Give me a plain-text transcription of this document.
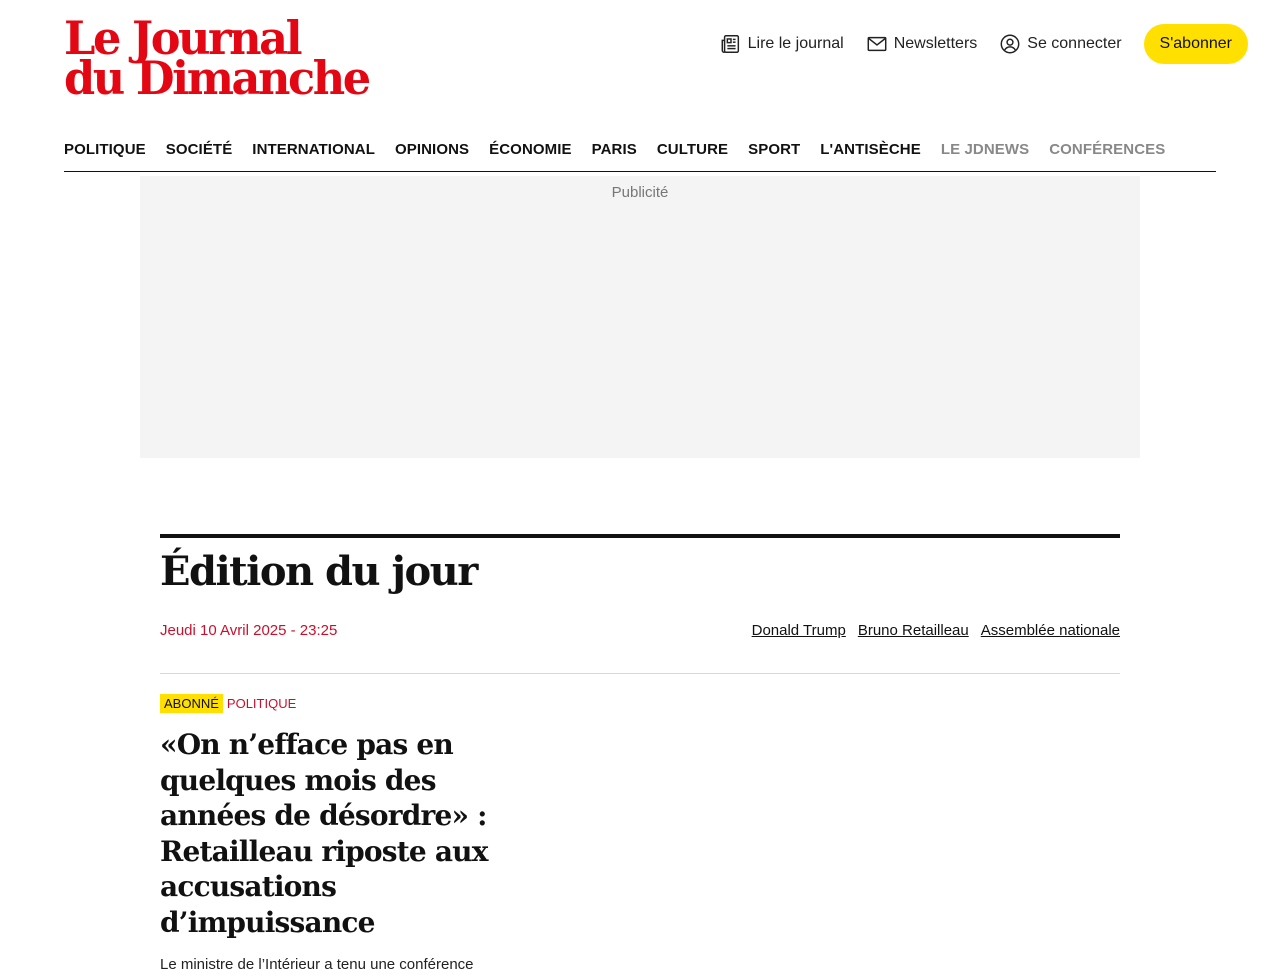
Le Journal
du Dimanche
Lire le journal	Newsletters	Se connecter	S'abonner
POLITIQUE SOCIÉTÉ INTERNATIONAL OPINIONS ÉCONOMIE PARIS CULTURE SPORT L'ANTISÈCHE LE JDNEWS CONFÉRENCES
Publicité
Édition du jour
Jeudi 10 Avril 2025 - 23:25	Donald Trump Bruno Retailleau Assemblée nationale
ABONNÉ POLITIQUE
«On n’efface pas en quelques mois des années de désordre» : Retailleau riposte aux accusations d’impuissance

Le ministre de l’Intérieur a tenu une conférence
